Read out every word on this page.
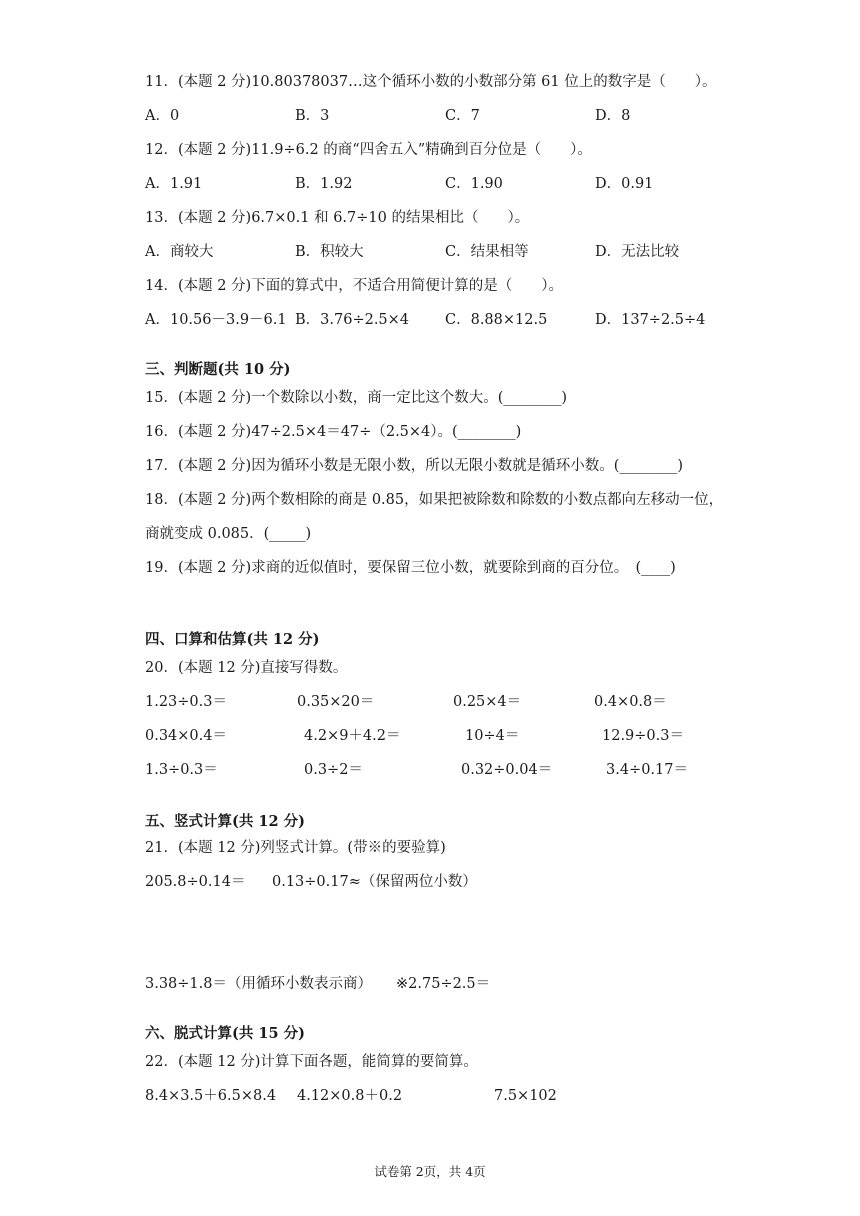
11．(本题 2 分)10.80378037…这个循环小数的小数部分第 61 位上的数字是（　　）。
A．0	B．3	C．7	D．8
12．(本题 2 分)11.9÷6.2 的商“四舍五入”精确到百分位是（　　）。
A．1.91	B．1.92	C．1.90	D．0.91
13．(本题 2 分)6.7×0.1 和 6.7÷10 的结果相比（　　）。
A．商较大	B．积较大	C．结果相等	D．无法比较
14．(本题 2 分)下面的算式中，不适合用简便计算的是（　　）。
A．10.56－3.9－6.1 B．3.76÷2.5×4 C．8.88×12.5	D．137÷2.5÷4
三、判断题(共 10 分)
15．(本题 2 分)一个数除以小数，商一定比这个数大。(________)
16．(本题 2 分)47÷2.5×4＝47÷（2.5×4）。(________)
17．(本题 2 分)因为循环小数是无限小数，所以无限小数就是循环小数。(________)
18．(本题 2 分)两个数相除的商是 0.85，如果把被除数和除数的小数点都向左移动一位，
商就变成 0.085．(_____)
19．(本题 2 分)求商的近似值时，要保留三位小数，就要除到商的百分位。　(____)
四、口算和估算(共 12 分)
20．(本题 12 分)直接写得数。
1.23÷0.3＝	0.35×20＝	0.25×4＝	0.4×0.8＝
0.34×0.4＝	4.2×9＋4.2＝	10÷4＝	12.9÷0.3＝
1.3÷0.3＝	0.3÷2＝	0.32÷0.04＝	3.4÷0.17＝
五、竖式计算(共 12 分)
21．(本题 12 分)列竖式计算。(带※的要验算)
205.8÷0.14＝ 0.13÷0.17≈（保留两位小数）
3.38÷1.8＝（用循环小数表示商） ※2.75÷2.5＝
六、脱式计算(共 15 分)
22．(本题 12 分)计算下面各题，能简算的要简算。
8.4×3.5＋6.5×8.4 4.12×0.8＋0.2	7.5×102
试卷第 2页，共 4页
